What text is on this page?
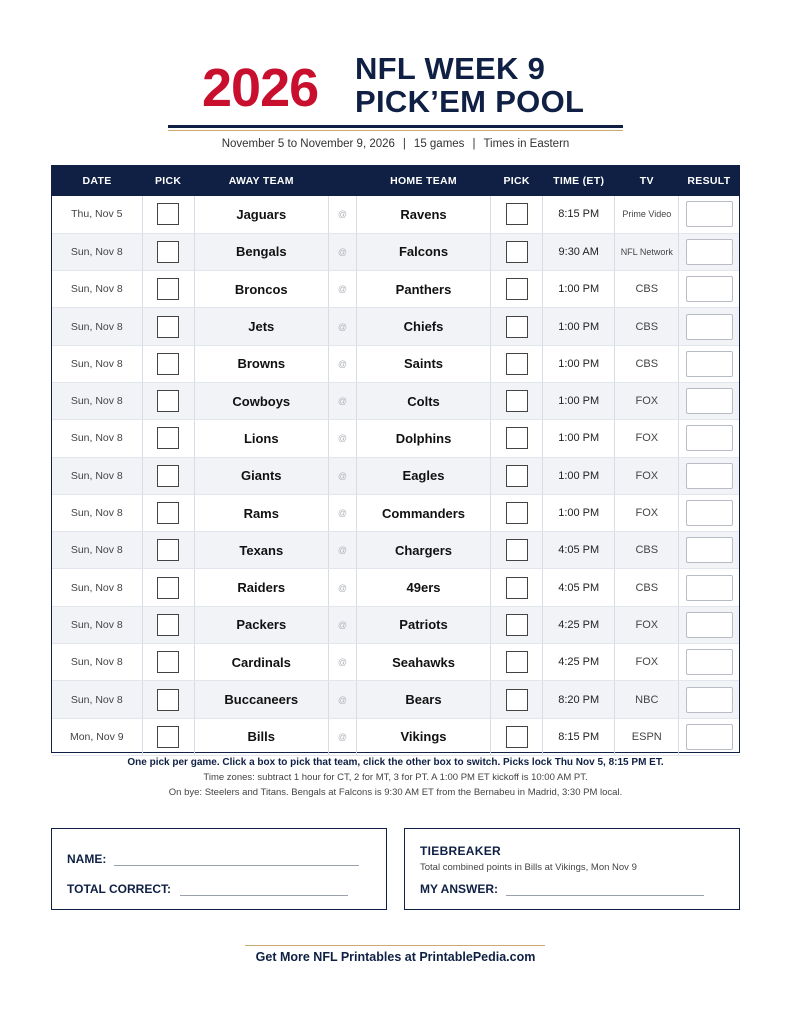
2026 NFL WEEK 9
PICK’EM POOL
November 5 to November 9, 2026 | 15 games | Times in Eastern
DATE	PICK	AWAY TEAM		HOME TEAM	PICK	TIME (ET)	TV	RESULT
Thu, Nov 5		Jaguars	@	Ravens		8:15 PM	Prime Video	
Sun, Nov 8		Bengals	@	Falcons		9:30 AM	NFL Network	
Sun, Nov 8		Broncos	@	Panthers		1:00 PM	CBS	
Sun, Nov 8		Jets	@	Chiefs		1:00 PM	CBS	
Sun, Nov 8		Browns	@	Saints		1:00 PM	CBS	
Sun, Nov 8		Cowboys	@	Colts		1:00 PM	FOX	
Sun, Nov 8		Lions	@	Dolphins		1:00 PM	FOX	
Sun, Nov 8		Giants	@	Eagles		1:00 PM	FOX	
Sun, Nov 8		Rams	@	Commanders		1:00 PM	FOX	
Sun, Nov 8		Texans	@	Chargers		4:05 PM	CBS	
Sun, Nov 8		Raiders	@	49ers		4:05 PM	CBS	
Sun, Nov 8		Packers	@	Patriots		4:25 PM	FOX	
Sun, Nov 8		Cardinals	@	Seahawks		4:25 PM	FOX	
Sun, Nov 8		Buccaneers	@	Bears		8:20 PM	NBC	
Mon, Nov 9		Bills	@	Vikings		8:15 PM	ESPN	
One pick per game. Click a box to pick that team, click the other box to switch. Picks lock Thu Nov 5, 8:15 PM ET.
Time zones: subtract 1 hour for CT, 2 for MT, 3 for PT. A 1:00 PM ET kickoff is 10:00 AM PT.
On bye: Steelers and Titans. Bengals at Falcons is 9:30 AM ET from the Bernabeu in Madrid, 3:30 PM local.
NAME:
TOTAL CORRECT:
TIEBREAKER
Total combined points in Bills at Vikings, Mon Nov 9
MY ANSWER:
Get More NFL Printables at PrintablePedia.com
